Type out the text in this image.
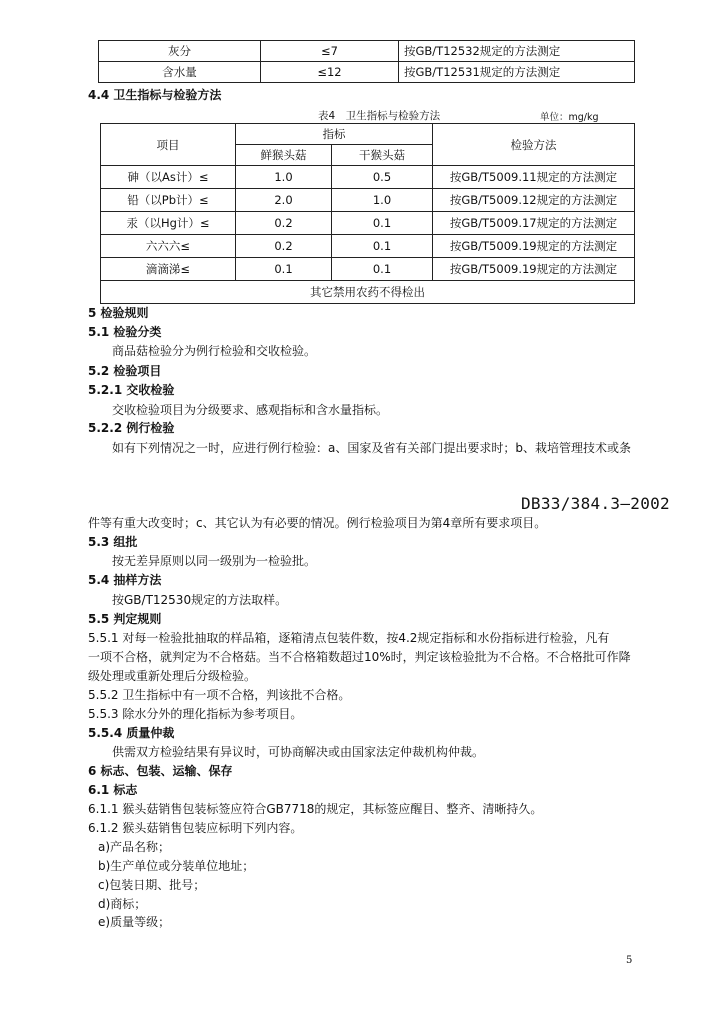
灰分	≤7	按GB/T12532规定的方法测定
含水量	≤12	按GB/T12531规定的方法测定
4.4 卫生指标与检验方法
表4　卫生指标与检验方法	单位：mg/kg
项目	指标		检验方法
	鲜猴头菇	干猴头菇	
砷（以As计）≤	1.0	0.5	按GB/T5009.11规定的方法测定
铅（以Pb计）≤	2.0	1.0	按GB/T5009.12规定的方法测定
汞（以Hg计）≤	0.2	0.1	按GB/T5009.17规定的方法测定
六六六≤	0.2	0.1	按GB/T5009.19规定的方法测定
滴滴涕≤	0.1	0.1	按GB/T5009.19规定的方法测定
其它禁用农药不得检出			
5 检验规则
5.1 检验分类
商品菇检验分为例行检验和交收检验。
5.2 检验项目
5.2.1 交收检验
交收检验项目为分级要求、感观指标和含水量指标。
5.2.2 例行检验
如有下列情况之一时，应进行例行检验：a、国家及省有关部门提出要求时；b、栽培管理技术或条
DB33/384.3—2002
件等有重大改变时；c、其它认为有必要的情况。例行检验项目为第4章所有要求项目。
5.3 组批
按无差异原则以同一级别为一检验批。
5.4 抽样方法
按GB/T12530规定的方法取样。
5.5 判定规则
5.5.1 对每一检验批抽取的样品箱，逐箱清点包装件数，按4.2规定指标和水份指标进行检验，凡有
一项不合格，就判定为不合格菇。当不合格箱数超过10%时，判定该检验批为不合格。不合格批可作降
级处理或重新处理后分级检验。
5.5.2 卫生指标中有一项不合格，判该批不合格。
5.5.3 除水分外的理化指标为参考项目。
5.5.4 质量仲裁
供需双方检验结果有异议时，可协商解决或由国家法定仲裁机构仲裁。
6 标志、包装、运输、保存
6.1 标志
6.1.1 猴头菇销售包装标签应符合GB7718的规定，其标签应醒目、整齐、清晰持久。
6.1.2 猴头菇销售包装应标明下列内容。
a)产品名称；
b)生产单位或分装单位地址；
c)包装日期、批号；
d)商标；
e)质量等级；
5
